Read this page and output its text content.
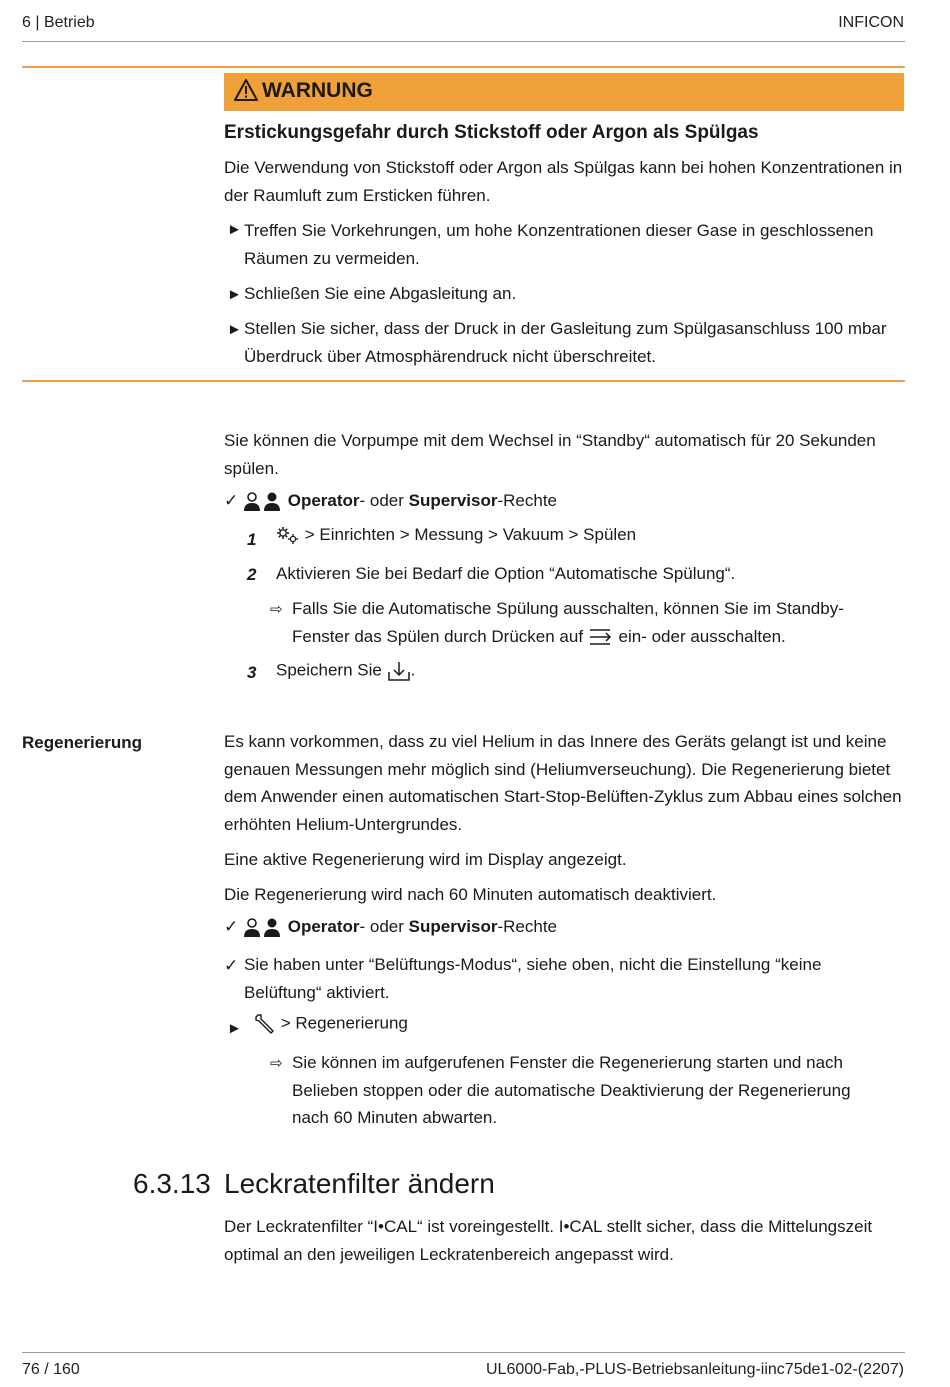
6 | Betrieb	INFICON
WARNUNG
Erstickungsgefahr durch Stickstoff oder Argon als Spülgas
Die Verwendung von Stickstoff oder Argon als Spülgas kann bei hohen Konzentrationen in der Raumluft zum Ersticken führen.
► Treffen Sie Vorkehrungen, um hohe Konzentrationen dieser Gase in geschlossenen Räumen zu vermeiden.
► Schließen Sie eine Abgasleitung an.
► Stellen Sie sicher, dass der Druck in der Gasleitung zum Spülgasanschluss 100 mbar Überdruck über Atmosphärendruck nicht überschreitet.
Sie können die Vorpumpe mit dem Wechsel in “Standby“ automatisch für 20 Sekunden spülen.
✓	Operator- oder Supervisor-Rechte
1	> Einrichten > Messung > Vakuum > Spülen
2 Aktivieren Sie bei Bedarf die Option “Automatische Spülung“.
⇨ Falls Sie die Automatische Spülung ausschalten, können Sie im Standby-Fenster das Spülen durch Drücken auf  ein- oder ausschalten.
3 Speichern Sie .
Regenerierung	Es kann vorkommen, dass zu viel Helium in das Innere des Geräts gelangt ist und keine genauen Messungen mehr möglich sind (Heliumverseuchung). Die Regenerierung bietet dem Anwender einen automatischen Start-Stop-Belüften-Zyklus zum Abbau eines solchen erhöhten Helium-Untergrundes.
Eine aktive Regenerierung wird im Display angezeigt.
Die Regenerierung wird nach 60 Minuten automatisch deaktiviert.
✓	Operator- oder Supervisor-Rechte
✓ Sie haben unter “Belüftungs-Modus“, siehe oben, nicht die Einstellung “keine Belüftung“ aktiviert.
►	> Regenerierung
⇨ Sie können im aufgerufenen Fenster die Regenerierung starten und nach Belieben stoppen oder die automatische Deaktivierung der Regenerierung nach 60 Minuten abwarten.
6.3.13 Leckratenfilter ändern
Der Leckratenfilter “I•CAL“ ist voreingestellt. I•CAL stellt sicher, dass die Mittelungszeit optimal an den jeweiligen Leckratenbereich angepasst wird.
76 / 160	UL6000-Fab,-PLUS-Betriebsanleitung-iinc75de1-02-(2207)
